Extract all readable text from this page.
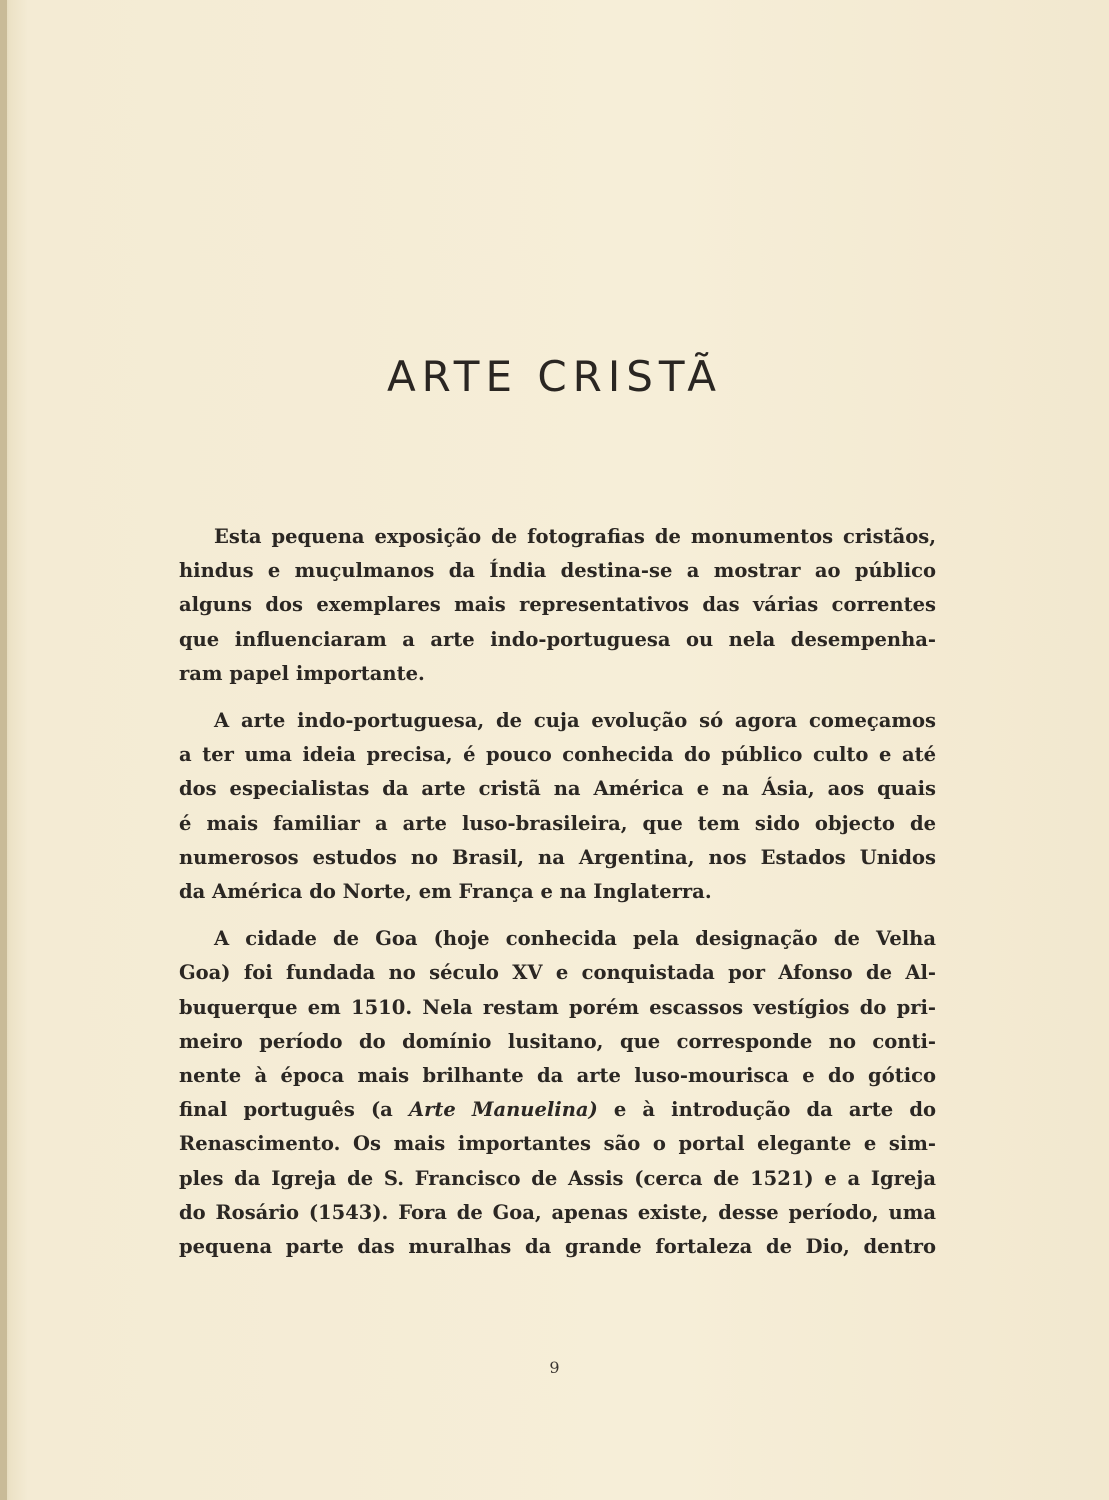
ARTE CRISTÃ
Esta pequena exposição de fotografias de monumentos cristãos,
hindus e muçulmanos da Índia destina-se a mostrar ao público
alguns dos exemplares mais representativos das várias correntes
que influenciaram a arte indo-portuguesa ou nela desempenha-
ram papel importante.
A arte indo-portuguesa, de cuja evolução só agora começamos
a ter uma ideia precisa, é pouco conhecida do público culto e até
dos especialistas da arte cristã na América e na Ásia, aos quais
é mais familiar a arte luso-brasileira, que tem sido objecto de
numerosos estudos no Brasil, na Argentina, nos Estados Unidos
da América do Norte, em França e na Inglaterra.
A cidade de Goa (hoje conhecida pela designação de Velha
Goa) foi fundada no século XV e conquistada por Afonso de Al-
buquerque em 1510. Nela restam porém escassos vestígios do pri-
meiro período do domínio lusitano, que corresponde no conti-
nente à época mais brilhante da arte luso-mourisca e do gótico
final português (a Arte Manuelina) e à introdução da arte do
Renascimento. Os mais importantes são o portal elegante e sim-
ples da Igreja de S. Francisco de Assis (cerca de 1521) e a Igreja
do Rosário (1543). Fora de Goa, apenas existe, desse período, uma
pequena parte das muralhas da grande fortaleza de Dio, dentro
9
